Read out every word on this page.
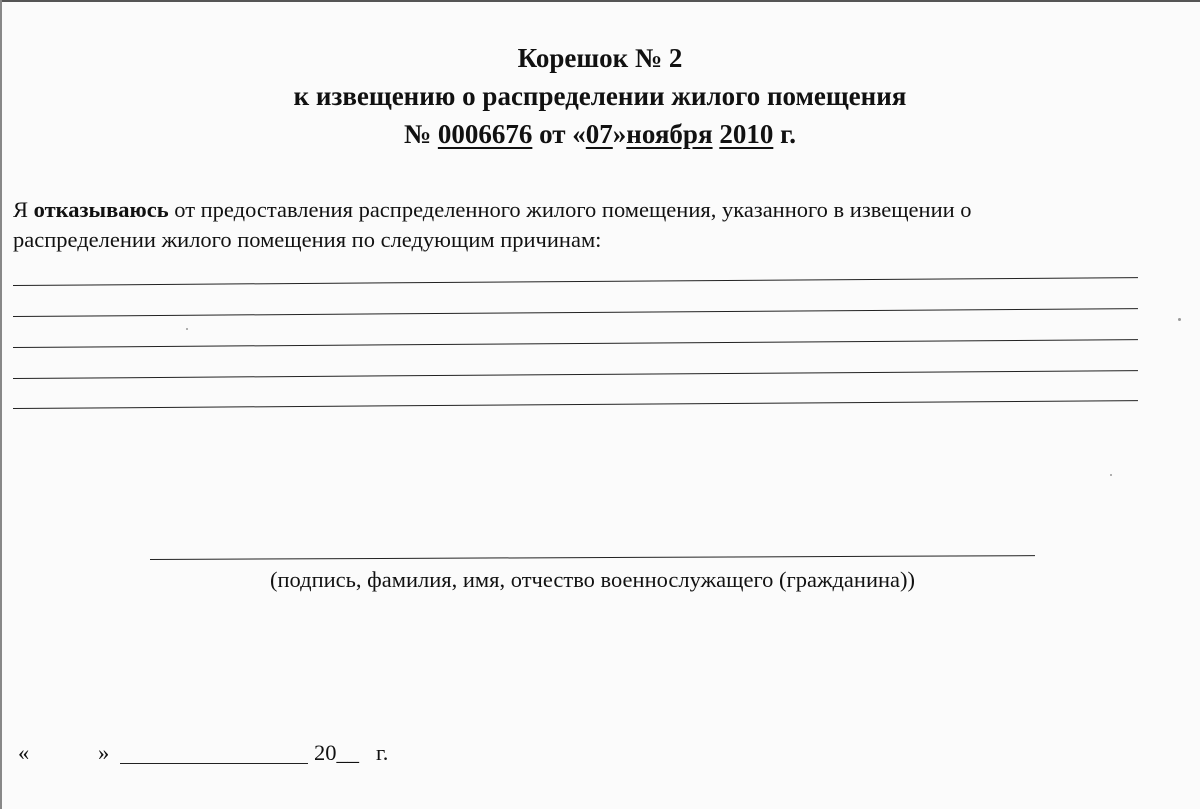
Корешок № 2
к извещению о распределении жилого помещения
№ 0006676 от «07»ноября 2010 г.
Я отказываюсь от предоставления распределенного жилого помещения, указанного в извещении о
распределении жилого помещения по следующим причинам:
(подпись, фамилия, имя, отчество военнослужащего (гражданина))
«	»	20__ г.
